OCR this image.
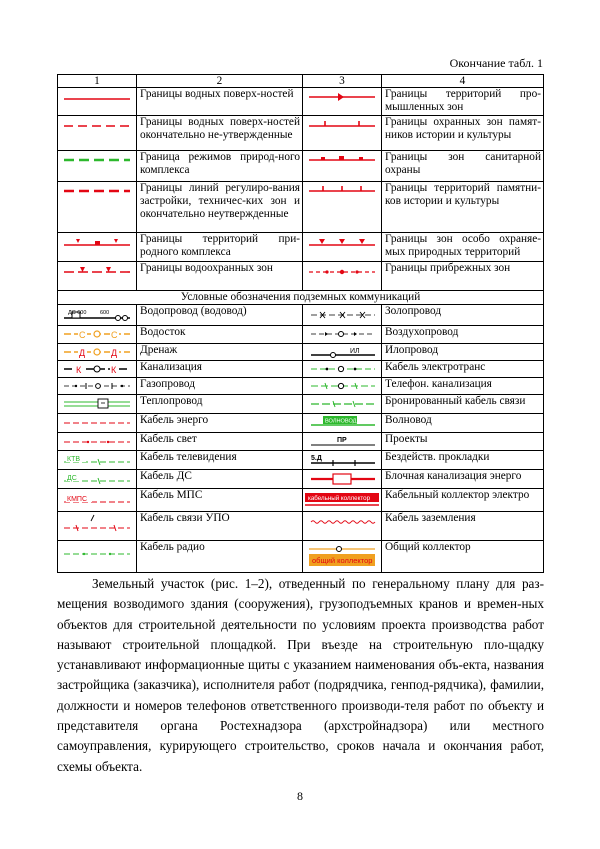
Окончание табл. 1
1	2	3	4

	Границы водных поверх-ностей		Границы территорий про-мышленных зон

	Границы водных поверх-ностей окончательно не-утвержденные		Границы охранных зон памят-ников истории и культуры

	Граница режимов природ-ного комплекса		Границы зон санитарной охраны

	Границы линий регулиро-вания застройки, техничес-ких зон и окончательно неутвержденные		Границы территорий памятни-ков истории и культуры

	Границы территорий при-родного комплекса		Границы зон особо охраняе-мых природных территорий

	Границы водоохранных зон		Границы прибрежных зон
Условные обозначения подземных коммуникаций			

ДС 600 600	Водопровод (водовод)		Золопровод

С С	Водосток		Воздухопровод

Д Д	Дренаж	ИЛ	Илопровод

К К	Канализация		Кабель электротранс

	Газопровод		Телефон. канализация

	Теплопровод		Бронированный кабель связи

	Кабель энерго	ВОЛНОВОД	Волновод

	Кабель свет	ПР	Проекты

КТВ	Кабель телевидения	5.Д	Бездейств. прокладки

ДС	Кабель ДС		Блочная канализация энерго

КМПС	Кабель МПС	кабельный коллектор	Кабельный коллектор электро

	Кабель связи УПО		Кабель заземления

	Кабель радио	общий коллектор	Общий коллектор

Земельный участок (рис. 1–2), отведенный по генеральному плану для раз-мещения возводимого здания (сооружения), грузоподъемных кранов и времен-ных объектов для строительной деятельности по условиям проекта производства работ называют строительной площадкой. При въезде на строительную пло-щадку устанавливают информационные щиты с указанием наименования объ-екта, названия застройщика (заказчика), исполнителя работ (подрядчика, генпод-рядчика), фамилии, должности и номеров телефонов ответственного производи-теля работ по объекту и представителя органа Ростехнадзора (архстройнадзора) или местного самоуправления, курирующего строительство, сроков начала и окончания работ, схемы объекта.

8
